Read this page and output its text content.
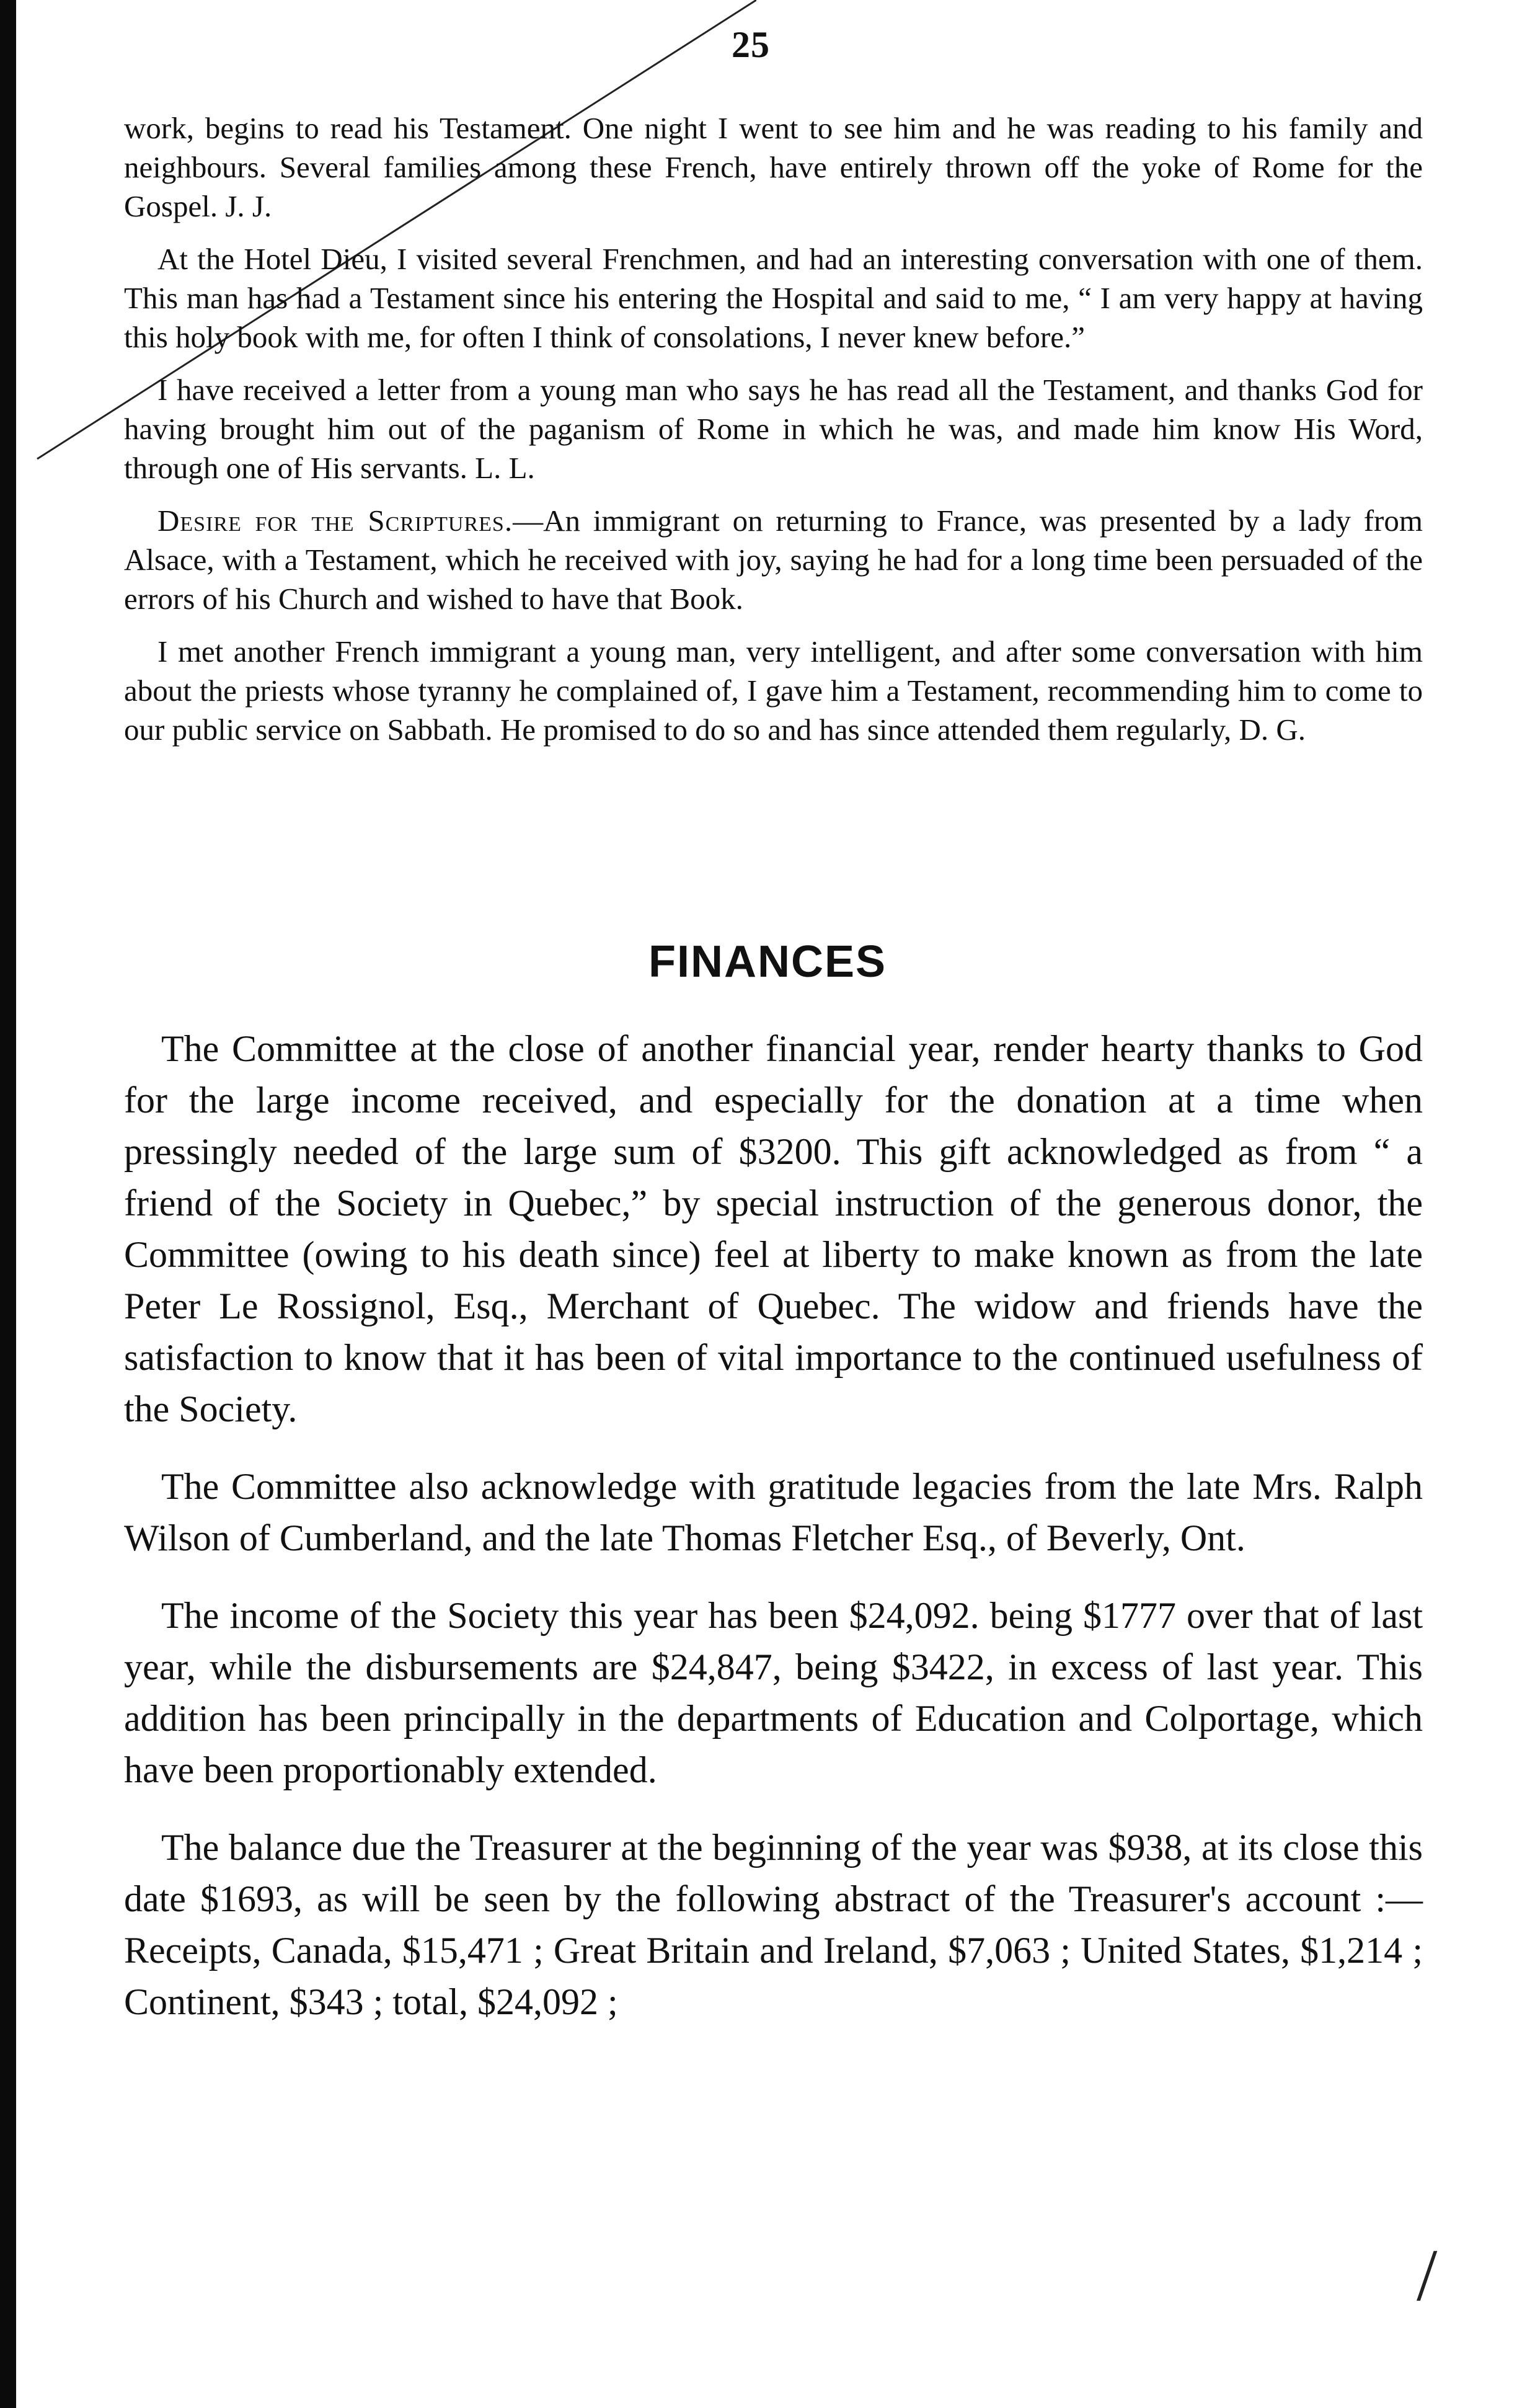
25

work, begins to read his Testament. One night I went to see him and he was reading to his family and neighbours. Several families among these French, have entirely thrown off the yoke of Rome for the Gospel. J. J.

At the Hotel Dieu, I visited several Frenchmen, and had an interesting conversation with one of them. This man has had a Testament since his entering the Hospital and said to me, “ I am very happy at having this holy book with me, for often I think of consolations, I never knew before.”

I have received a letter from a young man who says he has read all the Testament, and thanks God for having brought him out of the paganism of Rome in which he was, and made him know His Word, through one of His servants. L. L.

Desire for the Scriptures.—An immigrant on returning to France, was presented by a lady from Alsace, with a Testament, which he received with joy, saying he had for a long time been persuaded of the errors of his Church and wished to have that Book.

I met another French immigrant a young man, very intelligent, and after some conversation with him about the priests whose tyranny he complained of, I gave him a Testament, recommending him to come to our public service on Sabbath. He promised to do so and has since attended them regularly, D. G.

FINANCES

The Committee at the close of another financial year, render hearty thanks to God for the large income received, and especially for the donation at a time when pressingly needed of the large sum of $3200. This gift acknowledged as from “ a friend of the Society in Quebec,” by special instruction of the generous donor, the Committee (owing to his death since) feel at liberty to make known as from the late Peter Le Rossignol, Esq., Merchant of Quebec. The widow and friends have the satisfaction to know that it has been of vital importance to the continued usefulness of the Society.

The Committee also acknowledge with gratitude legacies from the late Mrs. Ralph Wilson of Cumberland, and the late Thomas Fletcher Esq., of Beverly, Ont.

The income of the Society this year has been $24,092. being $1777 over that of last year, while the disbursements are $24,847, being $3422, in excess of last year. This addition has been principally in the departments of Education and Colportage, which have been proportionably extended.

The balance due the Treasurer at the beginning of the year was $938, at its close this date $1693, as will be seen by the following abstract of the Treasurer's account :—Receipts, Canada, $15,471 ; Great Britain and Ireland, $7,063 ; United States, $1,214 ; Continent, $343 ; total, $24,092 ;

/
